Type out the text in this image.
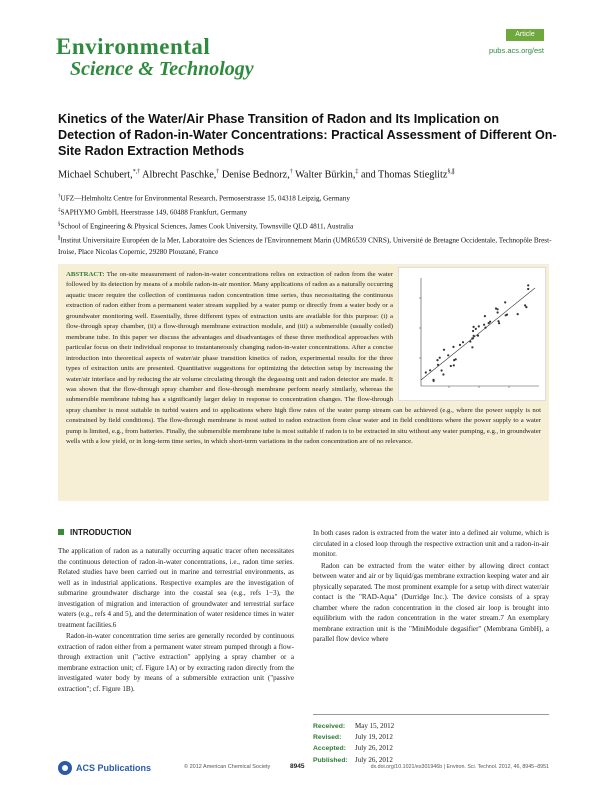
Environmental
Science & Technology
Article
pubs.acs.org/est
Kinetics of the Water/Air Phase Transition of Radon and Its Implication on Detection of Radon-in-Water Concentrations: Practical Assessment of Different On-Site Radon Extraction Methods
Michael Schubert,*,† Albrecht Paschke,† Denise Bednorz,† Walter Bürkin,‡ and Thomas Stieglitz§,∥
†UFZ—Helmholtz Centre for Environmental Research, Permoserstrasse 15, 04318 Leipzig, Germany
‡SAPHYMO GmbH, Heerstrasse 149, 60488 Frankfurt, Germany
§School of Engineering & Physical Sciences, James Cook University, Townsville QLD 4811, Australia
∥Institut Universitaire Européen de la Mer, Laboratoire des Sciences de l'Environnement Marin (UMR6539 CNRS), Université de Bretagne Occidentale, Technopôle Brest-Iroise, Place Nicolas Copernic, 29280 Plouzané, France
ABSTRACT: The on-site measurement of radon-in-water concentrations relies on extraction of radon from the water followed by its detection by means of a mobile radon-in-air monitor. Many applications of radon as a naturally occurring aquatic tracer require the collection of continuous radon concentration time series, thus necessitating the continuous extraction of radon either from a permanent water stream supplied by a water pump or directly from a water body or a groundwater monitoring well. Essentially, three different types of extraction units are available for this purpose: (i) a flow-through spray chamber, (ii) a flow-through membrane extraction module, and (iii) a submersible (usually coiled) membrane tube. In this paper we discuss the advantages and disadvantages of these three methodical approaches with particular focus on their individual response to instantaneously changing radon-in-water concentrations. After a concise introduction into theoretical aspects of water/air phase transition kinetics of radon, experimental results for the three types of extraction units are presented. Quantitative suggestions for optimizing the detection setup by increasing the water/air interface and by reducing the air volume circulating through the degassing unit and radon detector are made. It was shown that the flow-through spray chamber and flow-through membrane perform nearly similarly, whereas the submersible membrane tubing has a significantly larger delay in response to concentration changes. The flow-through spray chamber is most suitable in turbid waters and to applications where high flow rates of the water pump stream can be achieved (e.g., where the power supply is not constrained by field conditions). The flow-through membrane is most suited to radon extraction from clear water and in field conditions where the power supply to a water pump is limited, e.g., from batteries. Finally, the submersible membrane tube is most suitable if radon is to be extracted in situ without any water pumping, e.g., in groundwater wells with a low yield, or in long-term time series, in which short-term variations in the radon concentration are of no relevance.
INTRODUCTION

The application of radon as a naturally occurring aquatic tracer often necessitates the continuous detection of radon-in-water concentrations, i.e., radon time series. Related studies have been carried out in marine and terrestrial environments, as well as in industrial applications. Respective examples are the investigation of submarine groundwater discharge into the coastal sea (e.g., refs 1−3), the investigation of migration and interaction of groundwater and terrestrial surface waters (e.g., refs 4 and 5), and the determination of water residence times in water treatment facilities.6

Radon-in-water concentration time series are generally recorded by continuous extraction of radon either from a permanent water stream pumped through a flow-through extraction unit ("active extraction" applying a spray chamber or a membrane extraction unit; cf. Figure 1A) or by extracting radon directly from the investigated water body by means of a submersible extraction unit ("passive extraction"; cf. Figure 1B).

In both cases radon is extracted from the water into a defined air volume, which is circulated in a closed loop through the respective extraction unit and a radon-in-air monitor.

Radon can be extracted from the water either by allowing direct contact between water and air or by liquid/gas membrane extraction keeping water and air physically separated. The most prominent example for a setup with direct water/air contact is the "RAD-Aqua" (Durridge Inc.). The device consists of a spray chamber where the radon concentration in the closed air loop is brought into equilibrium with the radon concentration in the water stream.7 An exemplary membrane extraction unit is the "MiniModule degasifier" (Membrana GmbH), a parallel flow device where

Received:	May 15, 2012
Revised:	July 19, 2012
Accepted:	July 26, 2012
Published:	July 26, 2012
ACS Publications	© 2012 American Chemical Society	8945	dx.doi.org/10.1021/es301946b | Environ. Sci. Technol. 2012, 46, 8945−8951
